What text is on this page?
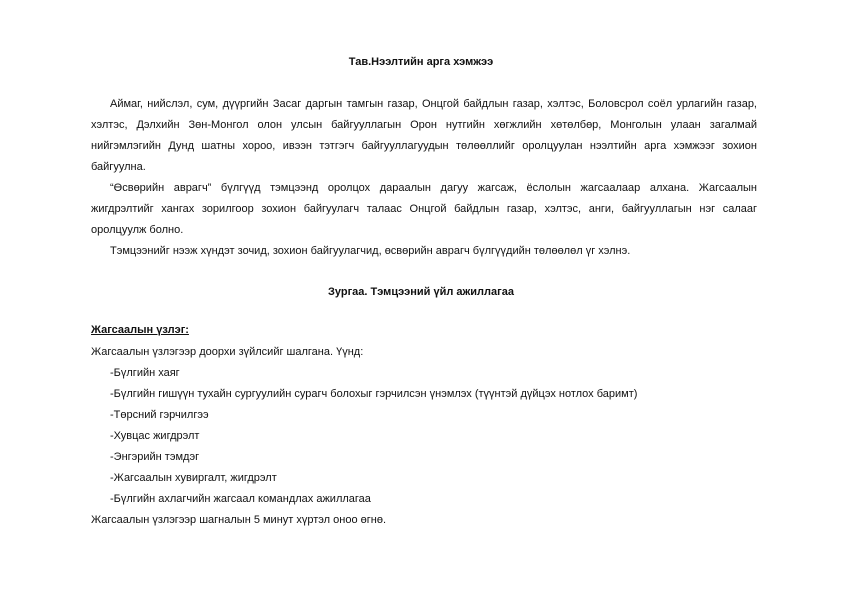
Тав.Нээлтийн арга хэмжээ
Аймаг, нийслэл, сум, дүүргийн Засаг даргын тамгын газар, Онцгой байдлын газар, хэлтэс, Боловсрол соёл урлагийн газар,
хэлтэс, Дэлхийн Зөн-Монгол олон улсын байгууллагын Орон нутгийн хөгжлийн хөтөлбөр, Монголын улаан загалмай
нийгэмлэгийн Дунд шатны хороо, ивээн тэтгэгч байгууллагуудын төлөөллийг оролцуулан нээлтийн арга хэмжээг зохион
байгуулна.
“Өсвөрийн аврагч” бүлгүүд тэмцээнд оролцох дараалын дагуу жагсаж, ёслолын жагсаалаар алхана. Жагсаалын
жигдрэлтийг хангах зорилгоор зохион байгуулагч талаас Онцгой байдлын газар, хэлтэс, анги, байгууллагын нэг салааг
оролцуулж болно.
Тэмцээнийг нээж хүндэт зочид, зохион байгуулагчид, өсвөрийн аврагч бүлгүүдийн төлөөлөл үг хэлнэ.
Зургаа. Тэмцээний үйл ажиллагаа
Жагсаалын үзлэг:
Жагсаалын үзлэгээр доорхи зүйлсийг шалгана. Үүнд:
-Бүлгийн хаяг
-Бүлгийн гишүүн тухайн сургуулийн сурагч болохыг гэрчилсэн үнэмлэх (түүнтэй дүйцэх нотлох баримт)
-Төрсний гэрчилгээ
-Хувцас жигдрэлт
-Энгэрийн тэмдэг
-Жагсаалын хувиргалт, жигдрэлт
-Бүлгийн ахлагчийн жагсаал командлах ажиллагаа
Жагсаалын үзлэгээр шагналын 5 минут хүртэл оноо өгнө.
